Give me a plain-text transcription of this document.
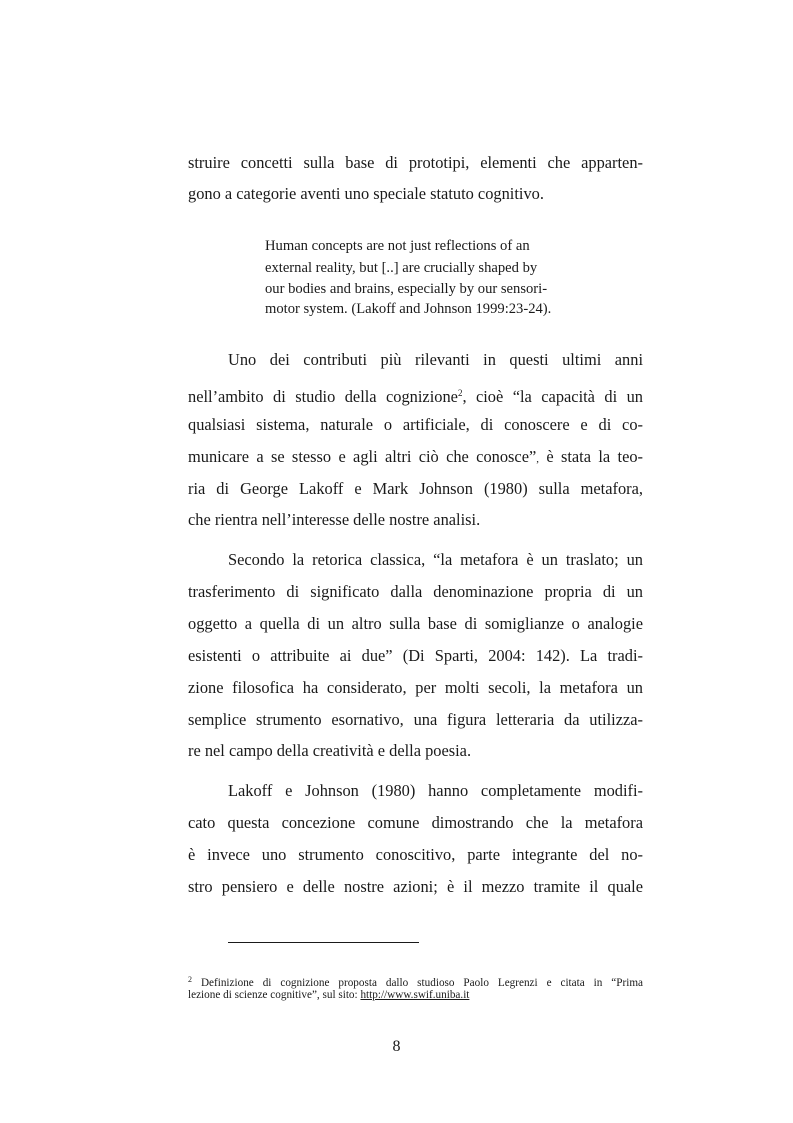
struire concetti sulla base di prototipi, elementi che apparten-
gono a categorie aventi uno speciale statuto cognitivo.
Human concepts are not just reflections of an
external reality, but [..] are crucially shaped by
our bodies and brains, especially by our sensori-
motor system. (Lakoff and Johnson 1999:23-24).
Uno dei contributi più rilevanti in questi ultimi anni
nell’ambito di studio della cognizione$^2$, cioè “la capacità di un
qualsiasi sistema, naturale o artificiale, di conoscere e di co-
municare a se stesso e agli altri ciò che conosce”, è stata la teo-
ria di George Lakoff e Mark Johnson (1980) sulla metafora,
che rientra nell’interesse delle nostre analisi.
Secondo la retorica classica, “la metafora è un traslato; un
trasferimento di significato dalla denominazione propria di un
oggetto a quella di un altro sulla base di somiglianze o analogie
esistenti o attribuite ai due” (Di Sparti, 2004: 142). La tradi-
zione filosofica ha considerato, per molti secoli, la metafora un
semplice strumento esornativo, una figura letteraria da utilizza-
re nel campo della creatività e della poesia.
Lakoff e Johnson (1980) hanno completamente modifi-
cato questa concezione comune dimostrando che la metafora
è invece uno strumento conoscitivo, parte integrante del no-
stro pensiero e delle nostre azioni; è il mezzo tramite il quale
$^2$ Definizione di cognizione proposta dallo studioso Paolo Legrenzi e citata in “Prima
lezione di scienze cognitive”, sul sito: http://www.swif.uniba.it
8
